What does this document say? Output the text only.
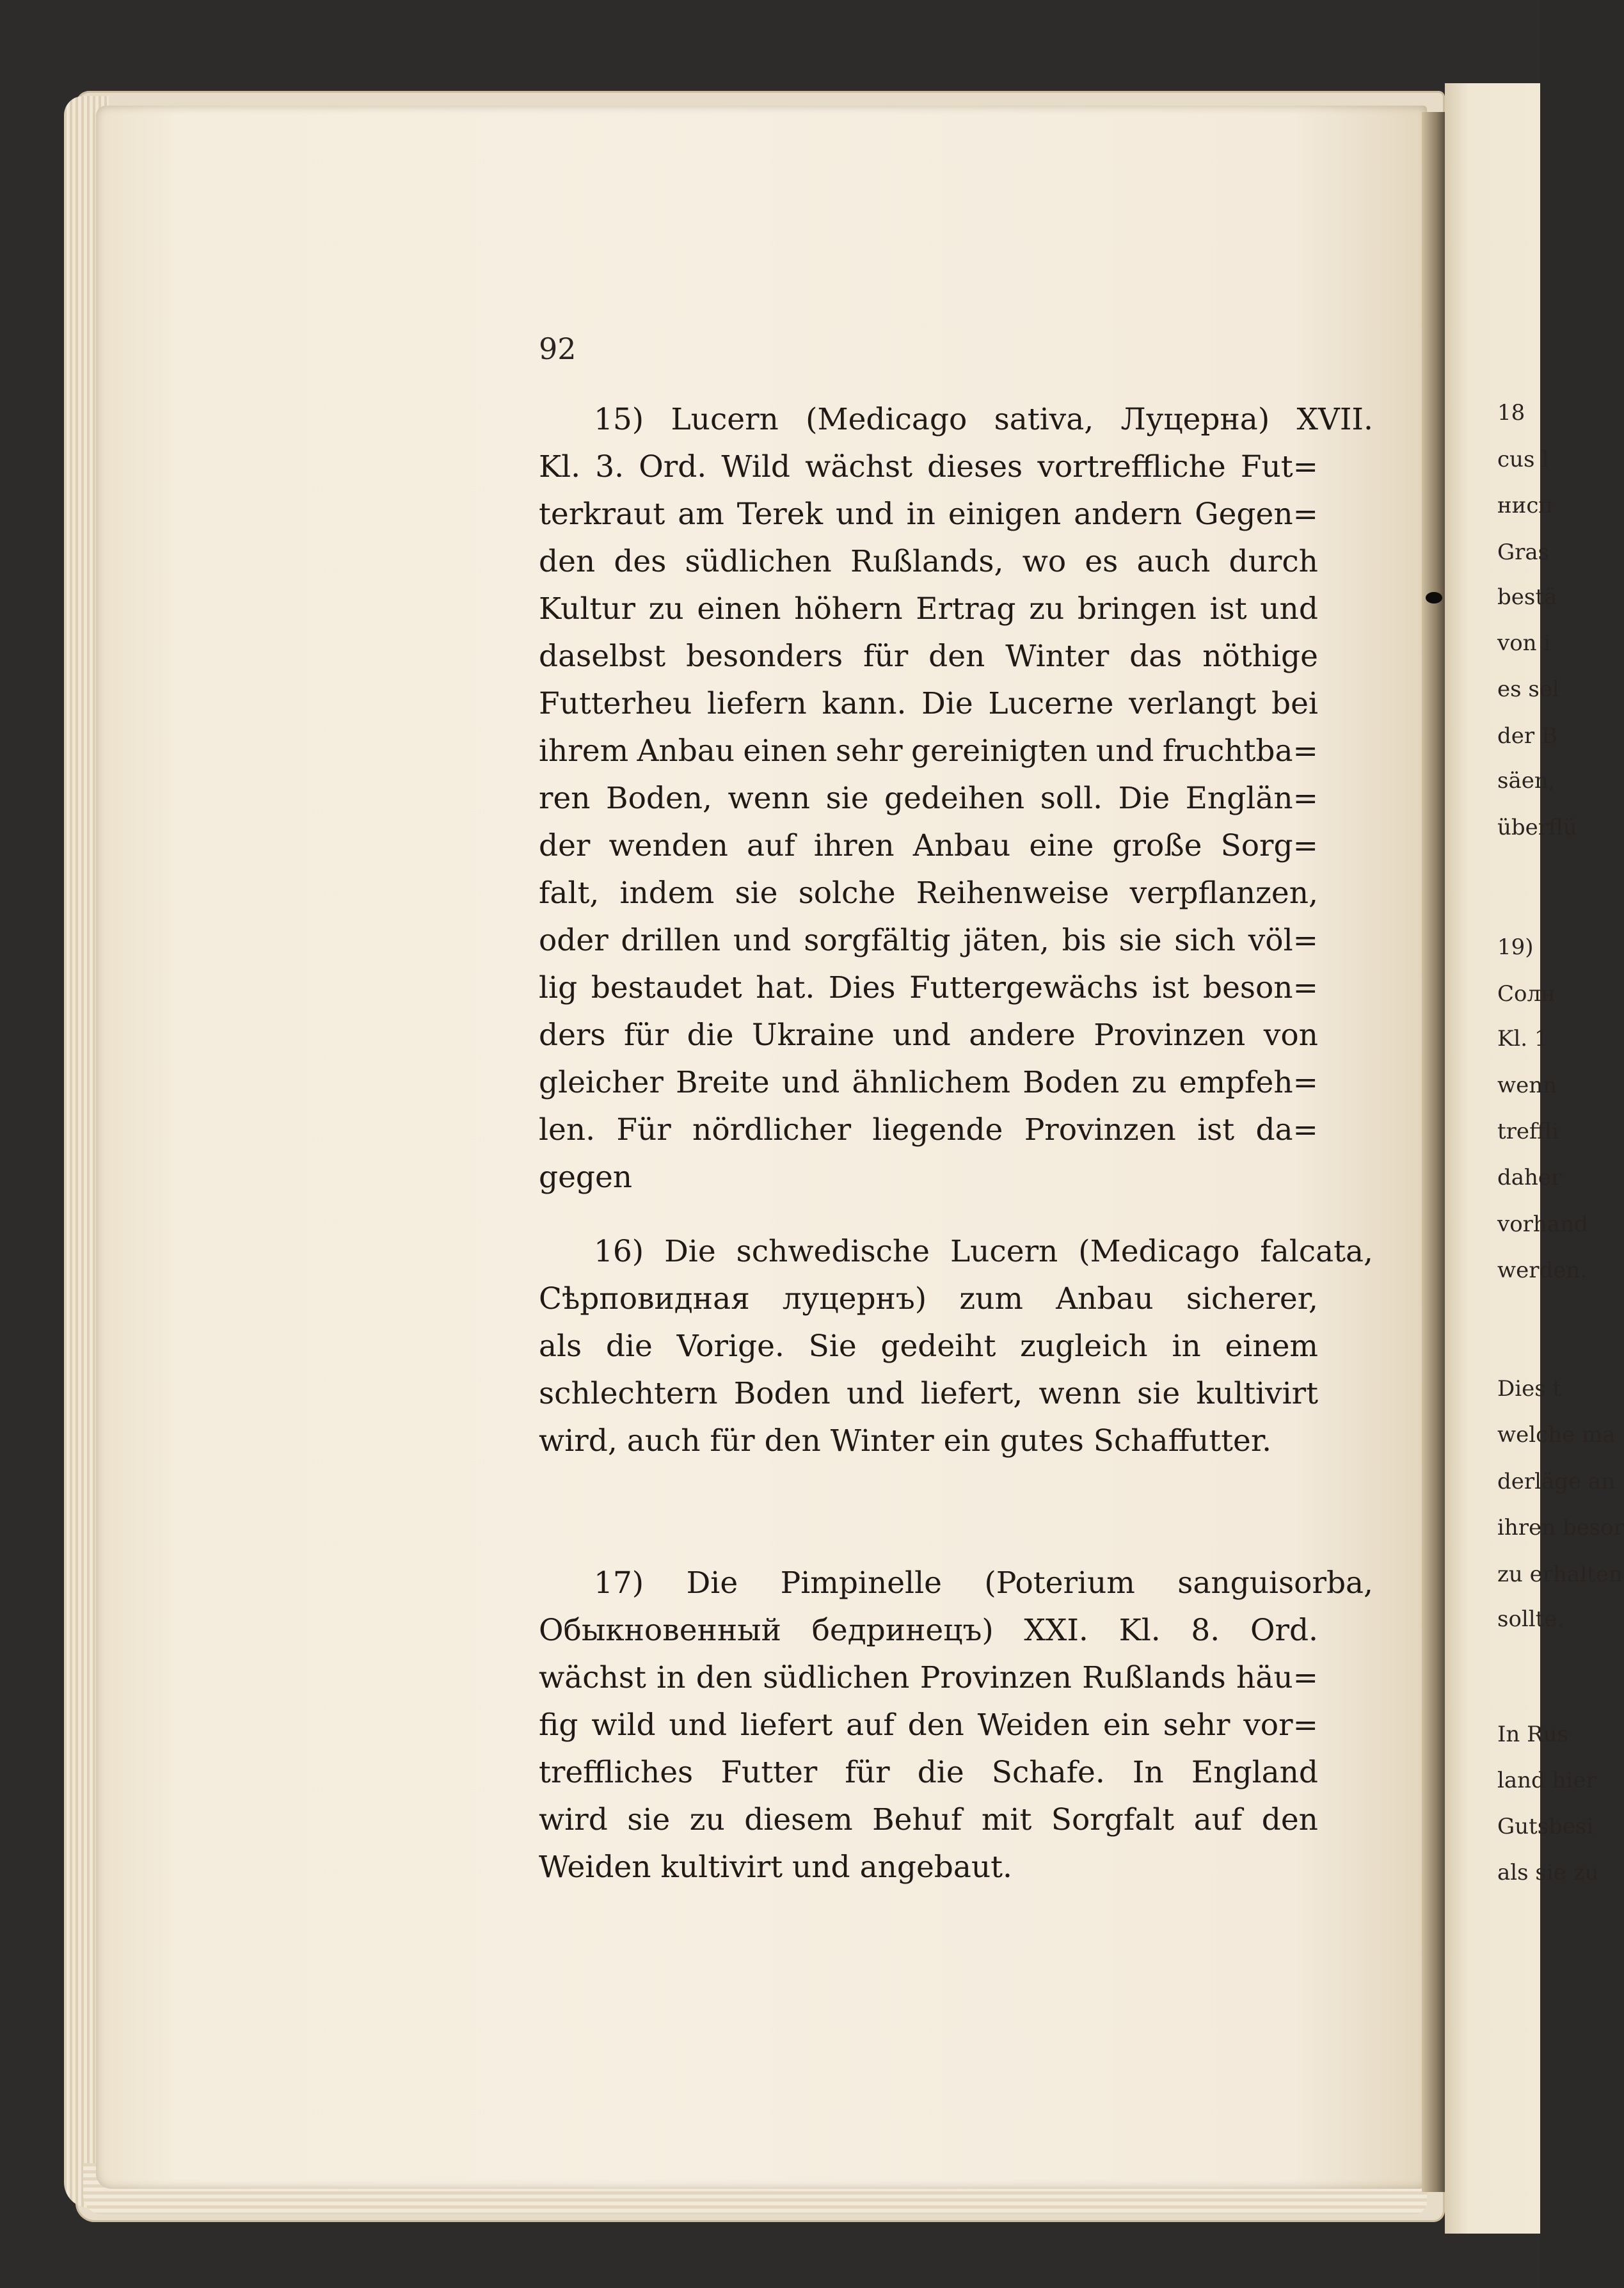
92
15) Lucern (Medicago sativa, Луцерна) XVII.
Kl. 3. Ord. Wild wächst dieses vortreffliche Fut=
terkraut am Terek und in einigen andern Gegen=
den des südlichen Rußlands, wo es auch durch
Kultur zu einen höhern Ertrag zu bringen ist und
daselbst besonders für den Winter das nöthige
Futterheu liefern kann. Die Lucerne verlangt bei
ihrem Anbau einen sehr gereinigten und fruchtba=
ren Boden, wenn sie gedeihen soll. Die Englän=
der wenden auf ihren Anbau eine große Sorg=
falt, indem sie solche Reihenweise verpflanzen,
oder drillen und sorgfältig jäten, bis sie sich völ=
lig bestaudet hat. Dies Futtergewächs ist beson=
ders für die Ukraine und andere Provinzen von
gleicher Breite und ähnlichem Boden zu empfeh=
len. Für nördlicher liegende Provinzen ist da=
gegen
16) Die schwedische Lucern (Medicago falcata,
Сѣрповидная луцернъ) zum Anbau sicherer,
als die Vorige. Sie gedeiht zugleich in einem
schlechtern Boden und liefert, wenn sie kultivirt
wird, auch für den Winter ein gutes Schaffutter.
17) Die Pimpinelle (Poterium sanguisorba,
Обыкновенный бедринецъ) XXI. Kl. 8. Ord.
wächst in den südlichen Provinzen Rußlands häu=
fig wild und liefert auf den Weiden ein sehr vor=
treffliches Futter für die Schafe. In England
wird sie zu diesem Behuf mit Sorgfalt auf den
Weiden kultivirt und angebaut.
18
cus l
нисп
Gras
bestä
von i
es sel
der B
säen,
überflü
19)
Солн
Kl. 1
wenn
treffli
daher
vorhand
werden.
Dies t
welche ma
derläge an
ihren besor
zu erhalten
sollte.
In Rus
land hier
Gutsbesi
als sie zu
